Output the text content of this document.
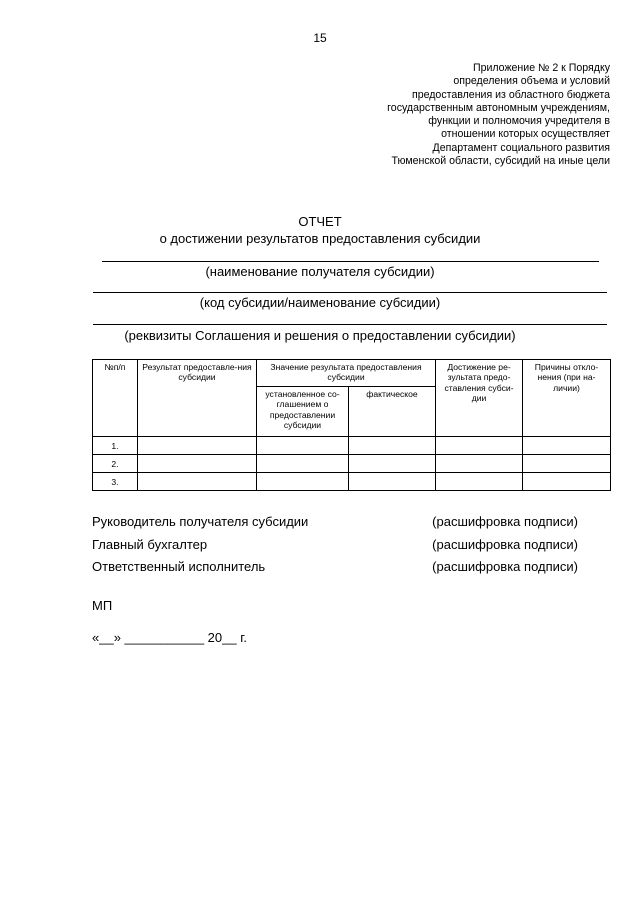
15
Приложение № 2 к Порядку
определения объема и условий
предоставления из областного бюджета
государственным автономным учреждениям,
функции и полномочия учредителя в
отношении которых осуществляет
Департамент социального развития
Тюменской области, субсидий на иные цели
ОТЧЕТ
о достижении результатов предоставления субсидии
(наименование получателя субсидии)
(код субсидии/наименование субсидии)
(реквизиты Соглашения и решения о предоставлении субсидии)
№п/п	Результат предоставле-ния субсидии	Значение результата предоставления субсидии		Достижение ре-зультата предо-ставления субси-дии	Причины откло-нения (при на-личии)
		установленное со-глашением о предоставлении субсидии	фактическое		
1.					
2.					
3.					
Руководитель получателя субсидии	(расшифровка подписи)
Главный бухгалтер	(расшифровка подписи)
Ответственный исполнитель	(расшифровка подписи)
МП
«__» ___________ 20__ г.
